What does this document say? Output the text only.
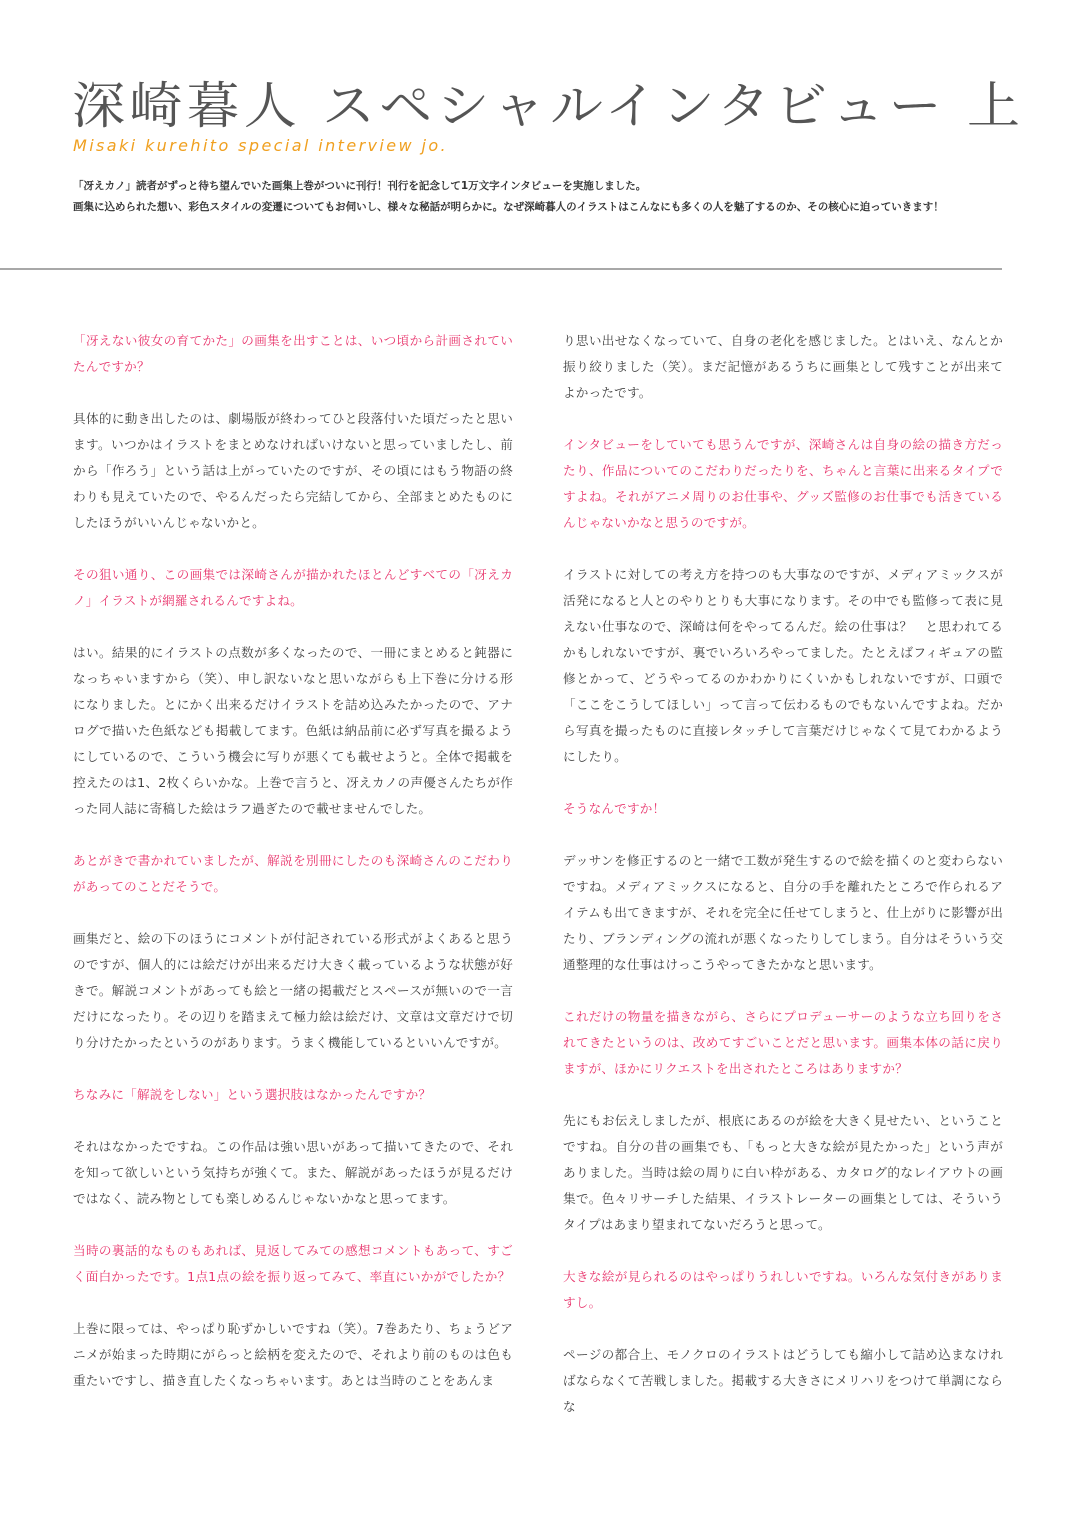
深崎暮人 スペシャルインタビュー 上
Misaki kurehito special interview jo.

「冴えカノ」読者がずっと待ち望んでいた画集上巻がついに刊行！刊行を記念して1万文字インタビューを実施しました。

画集に込められた想い、彩色スタイルの変遷についてもお伺いし、様々な秘話が明らかに。なぜ深崎暮人のイラストはこんなにも多くの人を魅了するのか、その核心に迫っていきます！

「冴えない彼女の育てかた」の画集を出すことは、いつ頃から計画されていたんですか？

具体的に動き出したのは、劇場版が終わってひと段落付いた頃だったと思います。いつかはイラストをまとめなければいけないと思っていましたし、前から「作ろう」という話は上がっていたのですが、その頃にはもう物語の終わりも見えていたので、やるんだったら完結してから、全部まとめたものにしたほうがいいんじゃないかと。

その狙い通り、この画集では深崎さんが描かれたほとんどすべての「冴えカノ」イラストが網羅されるんですよね。

はい。結果的にイラストの点数が多くなったので、一冊にまとめると鈍器になっちゃいますから（笑）、申し訳ないなと思いながらも上下巻に分ける形になりました。とにかく出来るだけイラストを詰め込みたかったので、アナログで描いた色紙なども掲載してます。色紙は納品前に必ず写真を撮るようにしているので、こういう機会に写りが悪くても載せようと。全体で掲載を控えたのは1、2枚くらいかな。上巻で言うと、冴えカノの声優さんたちが作った同人誌に寄稿した絵はラフ過ぎたので載せませんでした。

あとがきで書かれていましたが、解説を別冊にしたのも深崎さんのこだわりがあってのことだそうで。

画集だと、絵の下のほうにコメントが付記されている形式がよくあると思うのですが、個人的には絵だけが出来るだけ大きく載っているような状態が好きで。解説コメントがあっても絵と一緒の掲載だとスペースが無いので一言だけになったり。その辺りを踏まえて極力絵は絵だけ、文章は文章だけで切り分けたかったというのがあります。うまく機能しているといいんですが。

ちなみに「解説をしない」という選択肢はなかったんですか？

それはなかったですね。この作品は強い思いがあって描いてきたので、それを知って欲しいという気持ちが強くて。また、解説があったほうが見るだけではなく、読み物としても楽しめるんじゃないかなと思ってます。

当時の裏話的なものもあれば、見返してみての感想コメントもあって、すごく面白かったです。1点1点の絵を振り返ってみて、率直にいかがでしたか？

上巻に限っては、やっぱり恥ずかしいですね（笑）。7巻あたり、ちょうどアニメが始まった時期にがらっと絵柄を変えたので、それより前のものは色も重たいですし、描き直したくなっちゃいます。あとは当時のことをあんま

り思い出せなくなっていて、自身の老化を感じました。とはいえ、なんとか振り絞りました（笑）。まだ記憶があるうちに画集として残すことが出来てよかったです。

インタビューをしていても思うんですが、深崎さんは自身の絵の描き方だったり、作品についてのこだわりだったりを、ちゃんと言葉に出来るタイプですよね。それがアニメ周りのお仕事や、グッズ監修のお仕事でも活きているんじゃないかなと思うのですが。

イラストに対しての考え方を持つのも大事なのですが、メディアミックスが活発になると人とのやりとりも大事になります。その中でも監修って表に見えない仕事なので、深崎は何をやってるんだ。絵の仕事は？　と思われてるかもしれないですが、裏でいろいろやってました。たとえばフィギュアの監修とかって、どうやってるのかわかりにくいかもしれないですが、口頭で「ここをこうしてほしい」って言って伝わるものでもないんですよね。だから写真を撮ったものに直接レタッチして言葉だけじゃなくて見てわかるようにしたり。

そうなんですか！

デッサンを修正するのと一緒で工数が発生するので絵を描くのと変わらないですね。メディアミックスになると、自分の手を離れたところで作られるアイテムも出てきますが、それを完全に任せてしまうと、仕上がりに影響が出たり、ブランディングの流れが悪くなったりしてしまう。自分はそういう交通整理的な仕事はけっこうやってきたかなと思います。

これだけの物量を描きながら、さらにプロデューサーのような立ち回りをされてきたというのは、改めてすごいことだと思います。画集本体の話に戻りますが、ほかにリクエストを出されたところはありますか？

先にもお伝えしましたが、根底にあるのが絵を大きく見せたい、ということですね。自分の昔の画集でも、「もっと大きな絵が見たかった」という声がありました。当時は絵の周りに白い枠がある、カタログ的なレイアウトの画集で。色々リサーチした結果、イラストレーターの画集としては、そういうタイプはあまり望まれてないだろうと思って。

大きな絵が見られるのはやっぱりうれしいですね。いろんな気付きがありますし。

ページの都合上、モノクロのイラストはどうしても縮小して詰め込まなければならなくて苦戦しました。掲載する大きさにメリハリをつけて単調にならな
